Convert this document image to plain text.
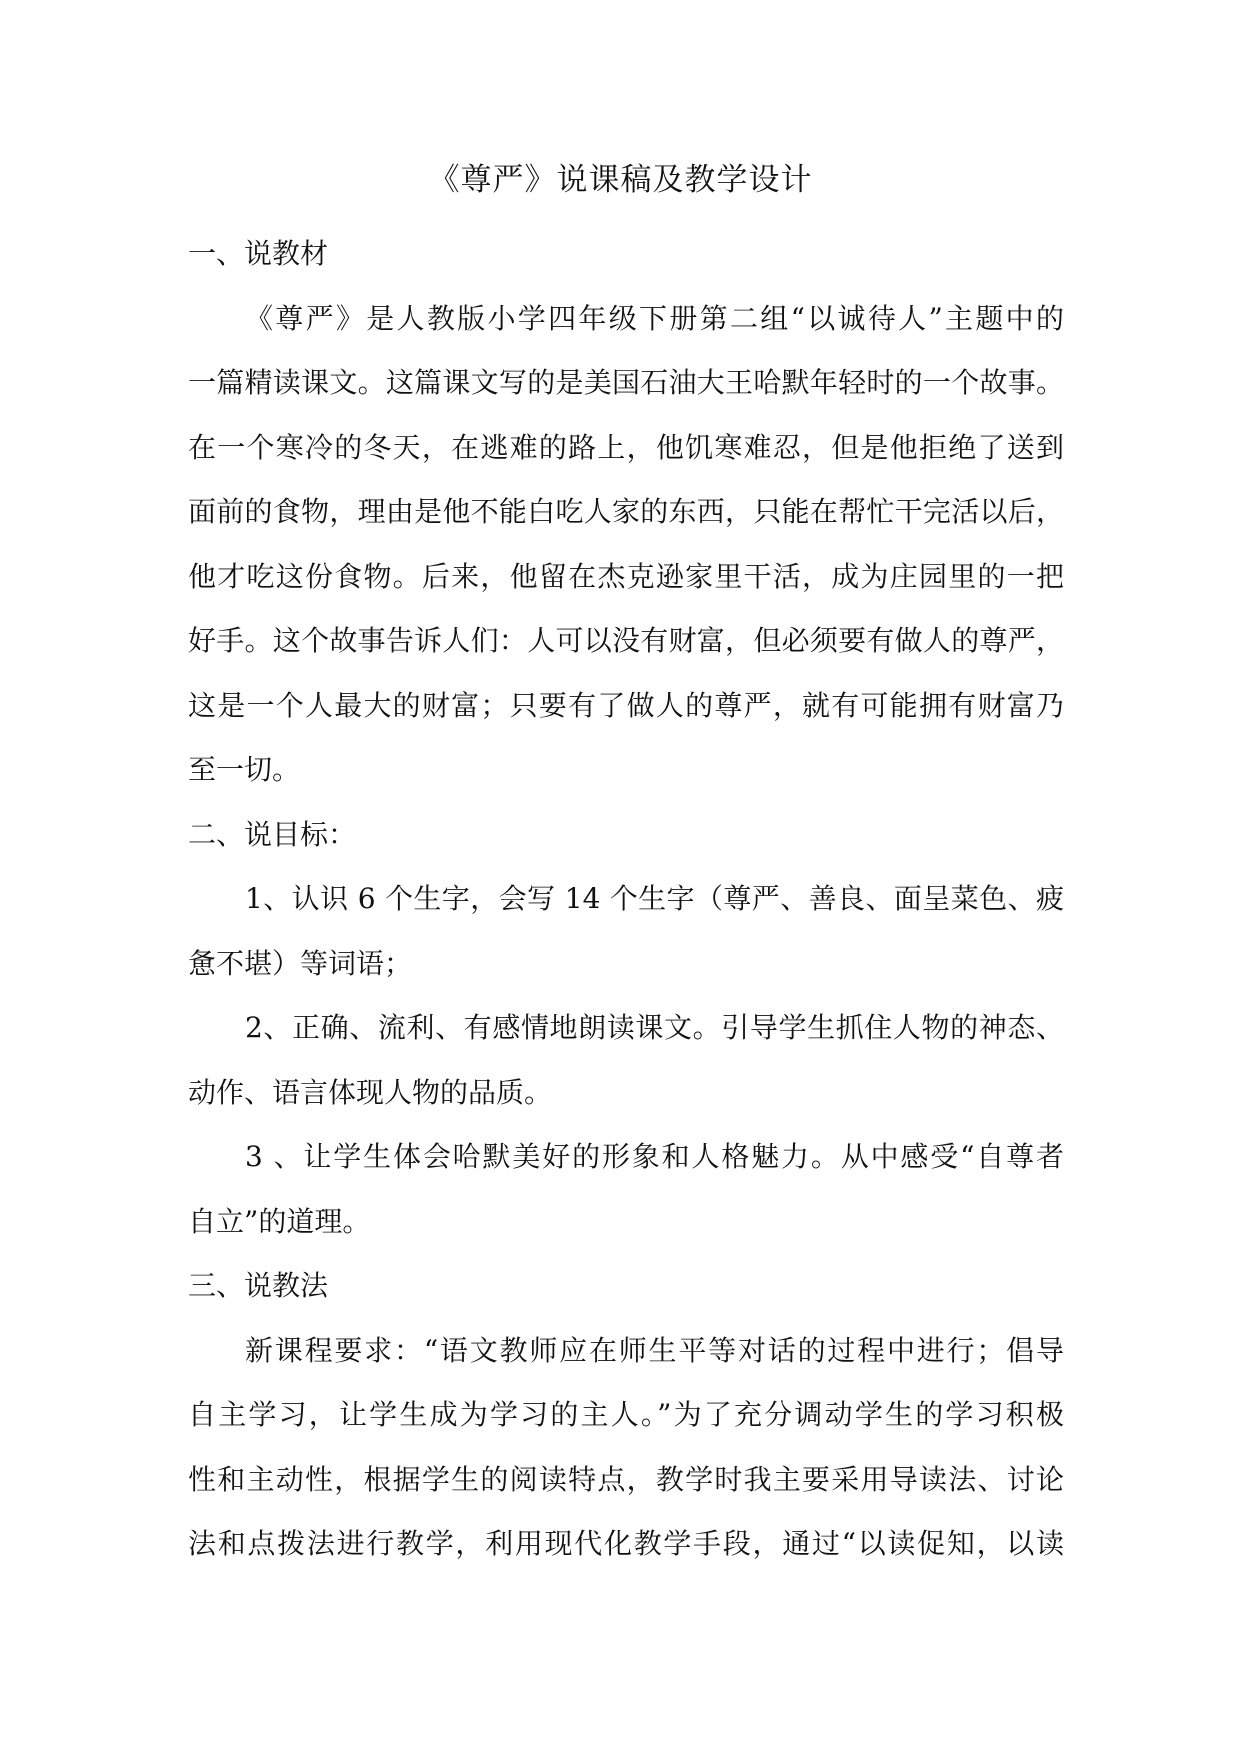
《尊严》说课稿及教学设计
一、说教材
《尊严》是人教版小学四年级下册第二组“以诚待人”主题中的
一篇精读课文。这篇课文写的是美国石油大王哈默年轻时的一个故事。
在一个寒冷的冬天，在逃难的路上，他饥寒难忍，但是他拒绝了送到
面前的食物，理由是他不能白吃人家的东西，只能在帮忙干完活以后，
他才吃这份食物。后来，他留在杰克逊家里干活，成为庄园里的一把
好手。这个故事告诉人们：人可以没有财富，但必须要有做人的尊严，
这是一个人最大的财富；只要有了做人的尊严，就有可能拥有财富乃
至一切。
二、说目标：
1、认识 6 个生字，会写 14 个生字（尊严、善良、面呈菜色、疲
惫不堪）等词语；
2、正确、流利、有感情地朗读课文。引导学生抓住人物的神态、
动作、语言体现人物的品质。
3 、让学生体会哈默美好的形象和人格魅力。从中感受“自尊者
自立”的道理。
三、说教法
新课程要求：“语文教师应在师生平等对话的过程中进行；倡导
自主学习，让学生成为学习的主人。”为了充分调动学生的学习积极
性和主动性，根据学生的阅读特点，教学时我主要采用导读法、讨论
法和点拨法进行教学，利用现代化教学手段，通过“以读促知，以读
